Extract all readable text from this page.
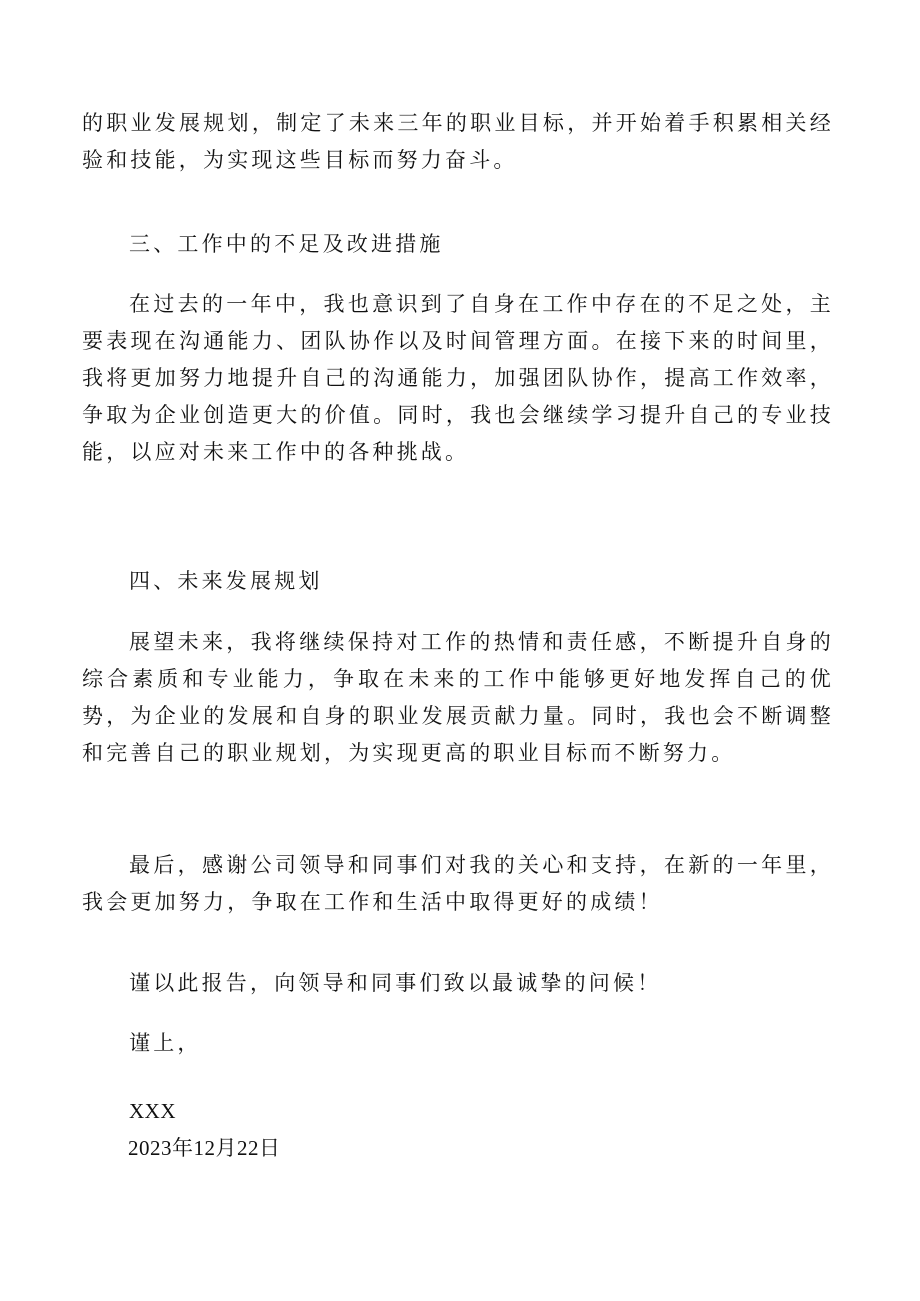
的职业发展规划，制定了未来三年的职业目标，并开始着手积累相关经验和技能，为实现这些目标而努力奋斗。
三、工作中的不足及改进措施
在过去的一年中，我也意识到了自身在工作中存在的不足之处，主要表现在沟通能力、团队协作以及时间管理方面。在接下来的时间里，我将更加努力地提升自己的沟通能力，加强团队协作，提高工作效率，争取为企业创造更大的价值。同时，我也会继续学习提升自己的专业技能，以应对未来工作中的各种挑战。
四、未来发展规划
展望未来，我将继续保持对工作的热情和责任感，不断提升自身的综合素质和专业能力，争取在未来的工作中能够更好地发挥自己的优势，为企业的发展和自身的职业发展贡献力量。同时，我也会不断调整和完善自己的职业规划，为实现更高的职业目标而不断努力。
最后，感谢公司领导和同事们对我的关心和支持，在新的一年里，我会更加努力，争取在工作和生活中取得更好的成绩！
谨以此报告，向领导和同事们致以最诚挚的问候！
谨上，
XXX
2023年12月22日
